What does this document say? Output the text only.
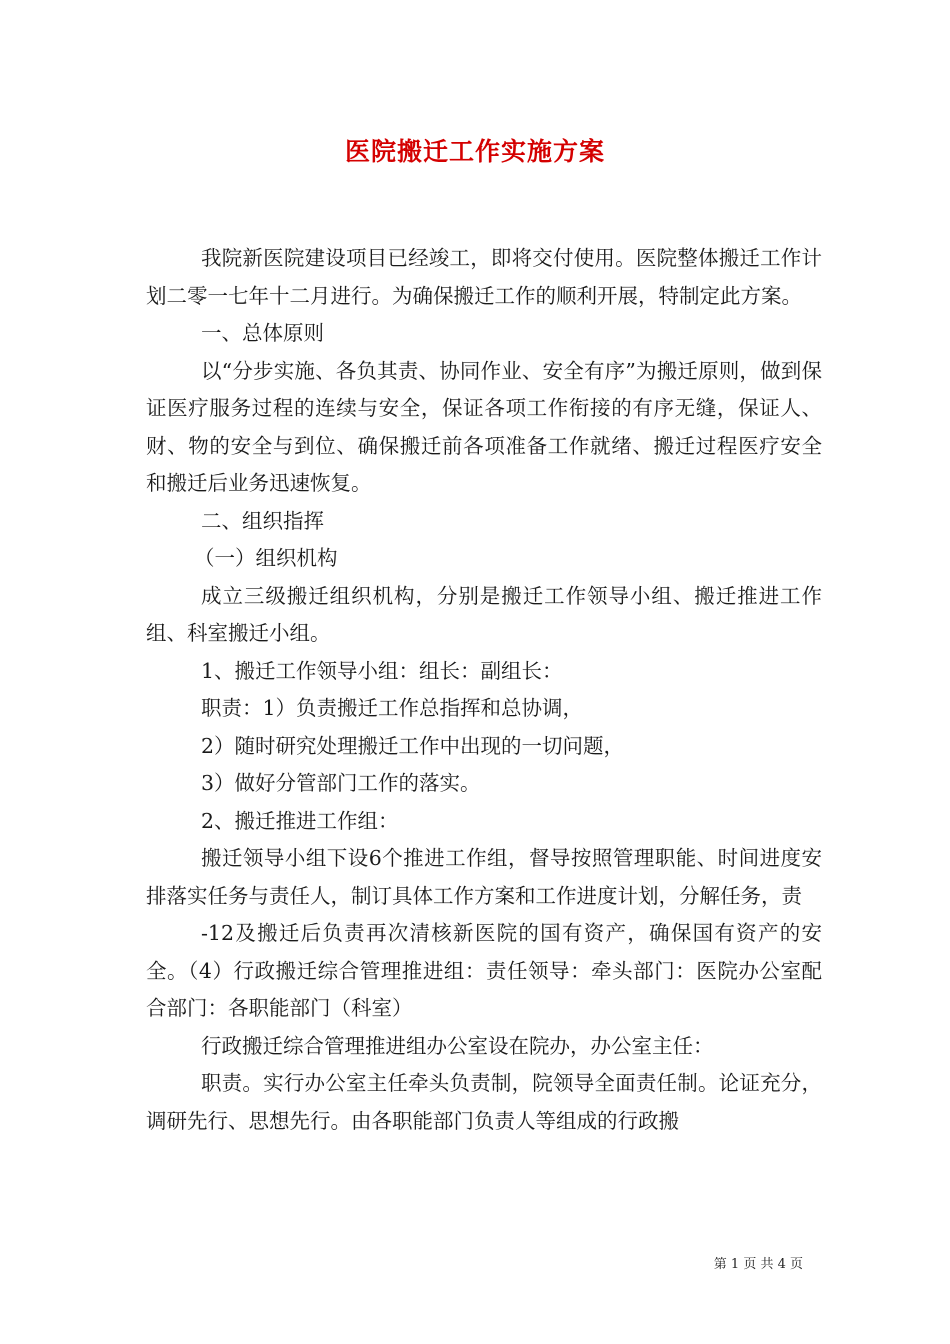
医院搬迁工作实施方案

我院新医院建设项目已经竣工，即将交付使用。医院整体搬迁工作计划二零一七年十二月进行。为确保搬迁工作的顺利开展，特制定此方案。

一、总体原则

以“分步实施、各负其责、协同作业、安全有序”为搬迁原则，做到保证医疗服务过程的连续与安全，保证各项工作衔接的有序无缝，保证人、财、物的安全与到位、确保搬迁前各项准备工作就绪、搬迁过程医疗安全和搬迁后业务迅速恢复。

二、组织指挥

（一）组织机构

成立三级搬迁组织机构，分别是搬迁工作领导小组、搬迁推进工作组、科室搬迁小组。

1、搬迁工作领导小组：组长：副组长：

职责：1）负责搬迁工作总指挥和总协调，

2）随时研究处理搬迁工作中出现的一切问题，

3）做好分管部门工作的落实。

2、搬迁推进工作组：

搬迁领导小组下设6个推进工作组，督导按照管理职能、时间进度安排落实任务与责任人，制订具体工作方案和工作进度计划，分解任务，责

-12及搬迁后负责再次清核新医院的国有资产，确保国有资产的安全。（4）行政搬迁综合管理推进组：责任领导：牵头部门：医院办公室配合部门：各职能部门（科室）

行政搬迁综合管理推进组办公室设在院办，办公室主任：

职责。实行办公室主任牵头负责制，院领导全面责任制。论证充分，调研先行、思想先行。由各职能部门负责人等组成的行政搬

第 1 页 共 4 页
